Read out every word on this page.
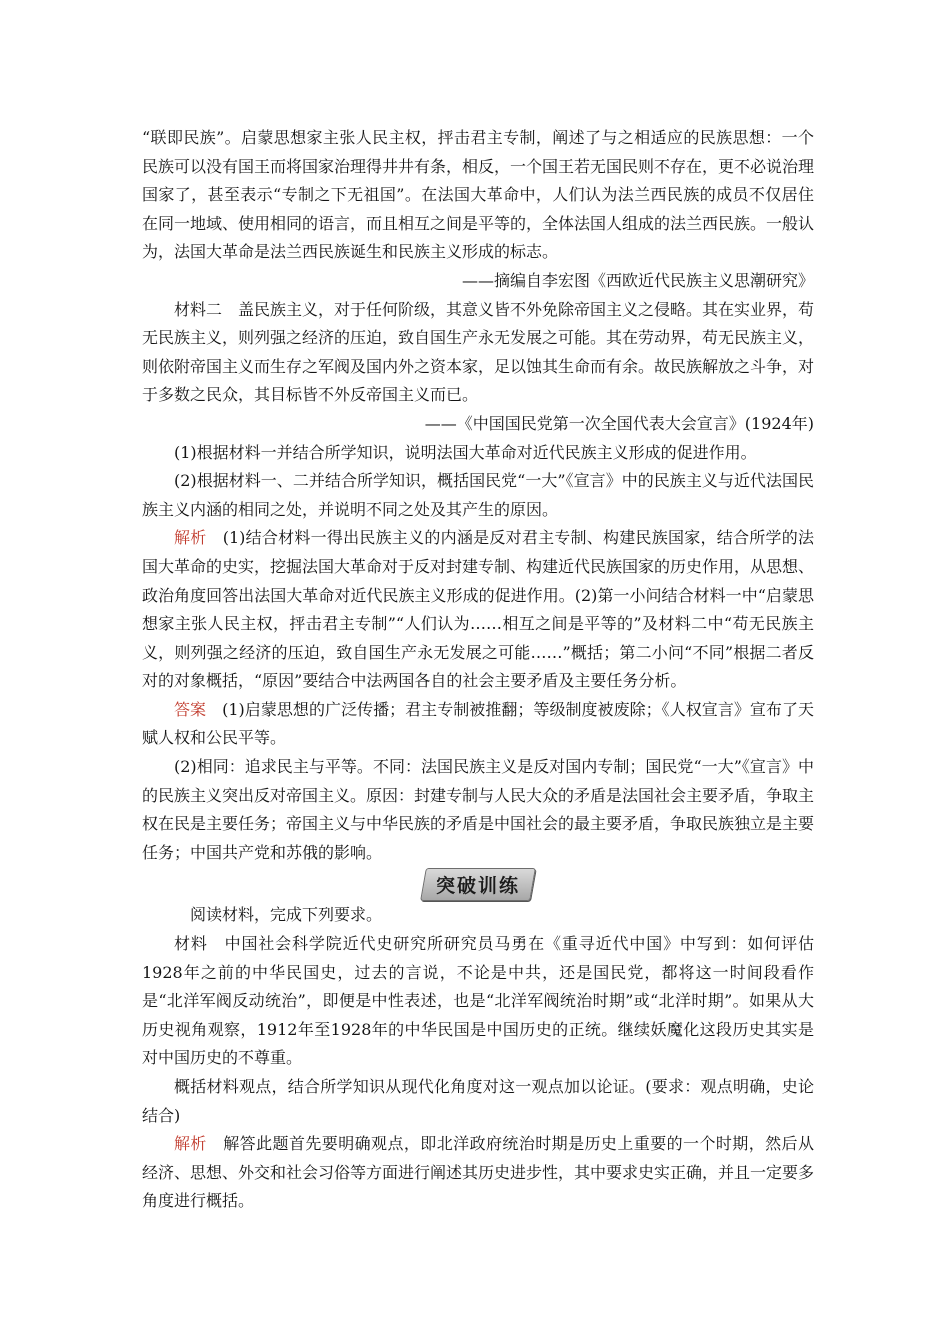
“联即民族”。启蒙思想家主张人民主权，抨击君主专制，阐述了与之相适应的民族思想：一个民族可以没有国王而将国家治理得井井有条，相反，一个国王若无国民则不存在，更不必说治理国家了，甚至表示“专制之下无祖国”。在法国大革命中，人们认为法兰西民族的成员不仅居住在同一地域、使用相同的语言，而且相互之间是平等的，全体法国人组成的法兰西民族。一般认为，法国大革命是法兰西民族诞生和民族主义形成的标志。

——摘编自李宏图《西欧近代民族主义思潮研究》

材料二　盖民族主义，对于任何阶级，其意义皆不外免除帝国主义之侵略。其在实业界，苟无民族主义，则列强之经济的压迫，致自国生产永无发展之可能。其在劳动界，苟无民族主义，则依附帝国主义而生存之军阀及国内外之资本家，足以蚀其生命而有余。故民族解放之斗争，对于多数之民众，其目标皆不外反帝国主义而已。

——《中国国民党第一次全国代表大会宣言》(1924年)

(1)根据材料一并结合所学知识，说明法国大革命对近代民族主义形成的促进作用。

(2)根据材料一、二并结合所学知识，概括国民党“一大”《宣言》中的民族主义与近代法国民族主义内涵的相同之处，并说明不同之处及其产生的原因。

解析　(1)结合材料一得出民族主义的内涵是反对君主专制、构建民族国家，结合所学的法国大革命的史实，挖掘法国大革命对于反对封建专制、构建近代民族国家的历史作用，从思想、政治角度回答出法国大革命对近代民族主义形成的促进作用。(2)第一小问结合材料一中“启蒙思想家主张人民主权，抨击君主专制”“人们认为……相互之间是平等的”及材料二中“苟无民族主义，则列强之经济的压迫，致自国生产永无发展之可能……”概括；第二小问“不同”根据二者反对的对象概括，“原因”要结合中法两国各自的社会主要矛盾及主要任务分析。

答案　(1)启蒙思想的广泛传播；君主专制被推翻；等级制度被废除；《人权宣言》宣布了天赋人权和公民平等。

(2)相同：追求民主与平等。不同：法国民族主义是反对国内专制；国民党“一大”《宣言》中的民族主义突出反对帝国主义。原因：封建专制与人民大众的矛盾是法国社会主要矛盾，争取主权在民是主要任务；帝国主义与中华民族的矛盾是中国社会的最主要矛盾，争取民族独立是主要任务；中国共产党和苏俄的影响。

突破训练

阅读材料，完成下列要求。

材料　中国社会科学院近代史研究所研究员马勇在《重寻近代中国》中写到：如何评估1928年之前的中华民国史，过去的言说，不论是中共，还是国民党，都将这一时间段看作是“北洋军阀反动统治”，即便是中性表述，也是“北洋军阀统治时期”或“北洋时期”。如果从大历史视角观察，1912年至1928年的中华民国是中国历史的正统。继续妖魔化这段历史其实是对中国历史的不尊重。

概括材料观点，结合所学知识从现代化角度对这一观点加以论证。(要求：观点明确，史论结合)

解析　解答此题首先要明确观点，即北洋政府统治时期是历史上重要的一个时期，然后从经济、思想、外交和社会习俗等方面进行阐述其历史进步性，其中要求史实正确，并且一定要多角度进行概括。
